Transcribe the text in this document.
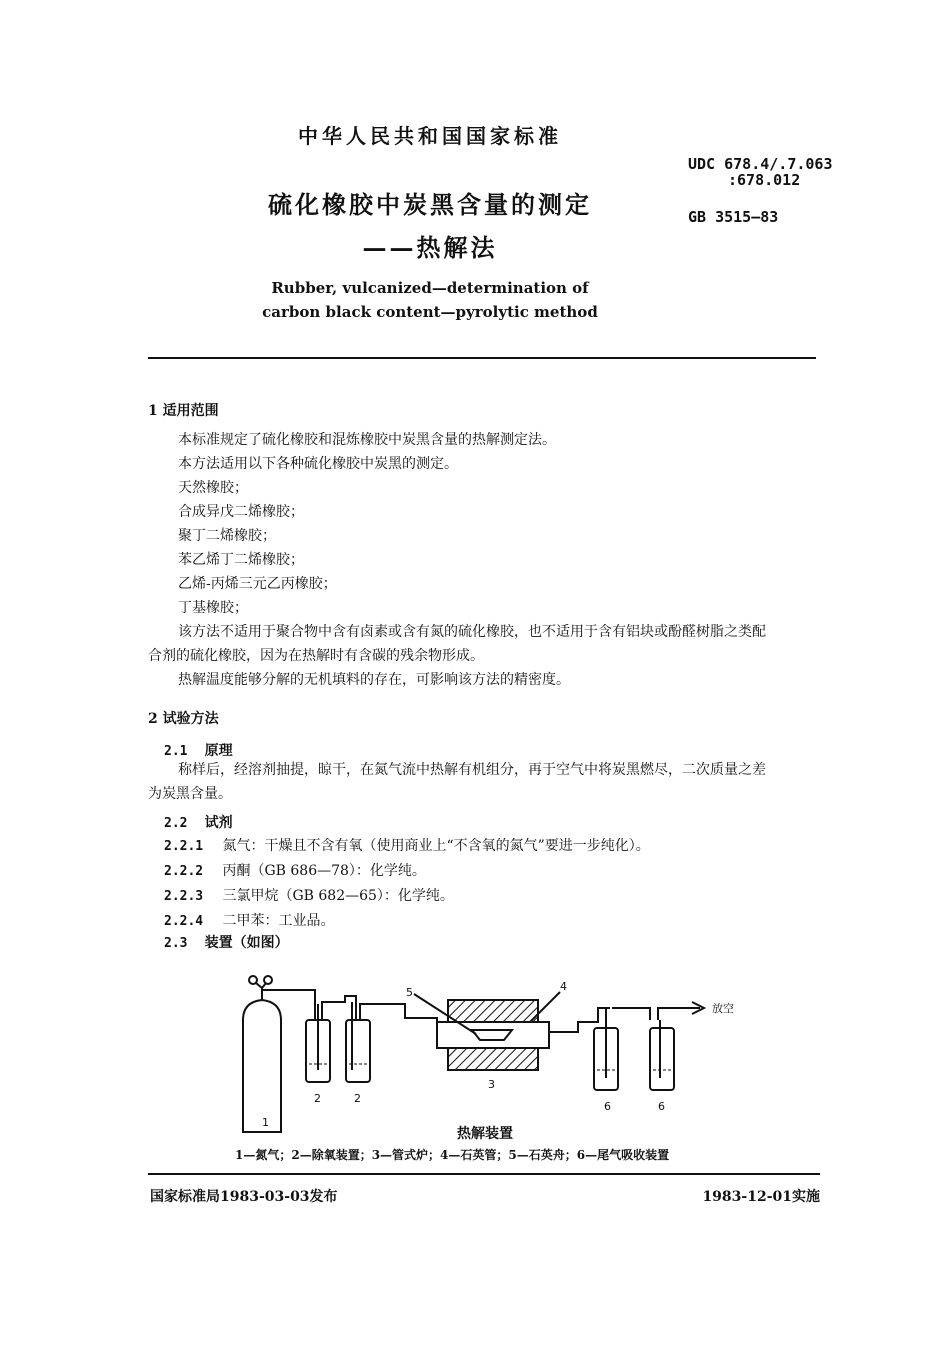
中华人民共和国国家标准
UDC 678.4/.7.063
:678.012
GB 3515—83
硫化橡胶中炭黑含量的测定
——热解法
Rubber, vulcanized—determination of
carbon black content—pyrolytic method
1 适用范围
本标准规定了硫化橡胶和混炼橡胶中炭黑含量的热解测定法。
本方法适用以下各种硫化橡胶中炭黑的测定。
天然橡胶；
合成异戊二烯橡胶；
聚丁二烯橡胶；
苯乙烯丁二烯橡胶；
乙烯-丙烯三元乙丙橡胶；
丁基橡胶；
该方法不适用于聚合物中含有卤素或含有氮的硫化橡胶，也不适用于含有铝块或酚醛树脂之类配
合剂的硫化橡胶，因为在热解时有含碳的残余物形成。
热解温度能够分解的无机填料的存在，可影响该方法的精密度。
2 试验方法
2.1 原理
称样后，经溶剂抽提，晾干，在氮气流中热解有机组分，再于空气中将炭黑燃尽，二次质量之差
为炭黑含量。
2.2 试剂
2.2.1 氮气：干燥且不含有氧（使用商业上“不含氧的氮气”要进一步纯化）。
2.2.2 丙酮（GB 686—78）：化学纯。
2.2.3 三氯甲烷（GB 682—65）：化学纯。
2.2.4 二甲苯：工业品。
2.3 装置（如图）
1
2	2
3
4
5
6	6
放空
热解装置
1—氮气；2—除氧装置；3—管式炉；4—石英管；5—石英舟；6—尾气吸收装置
国家标准局1983-03-03发布	1983-12-01实施
